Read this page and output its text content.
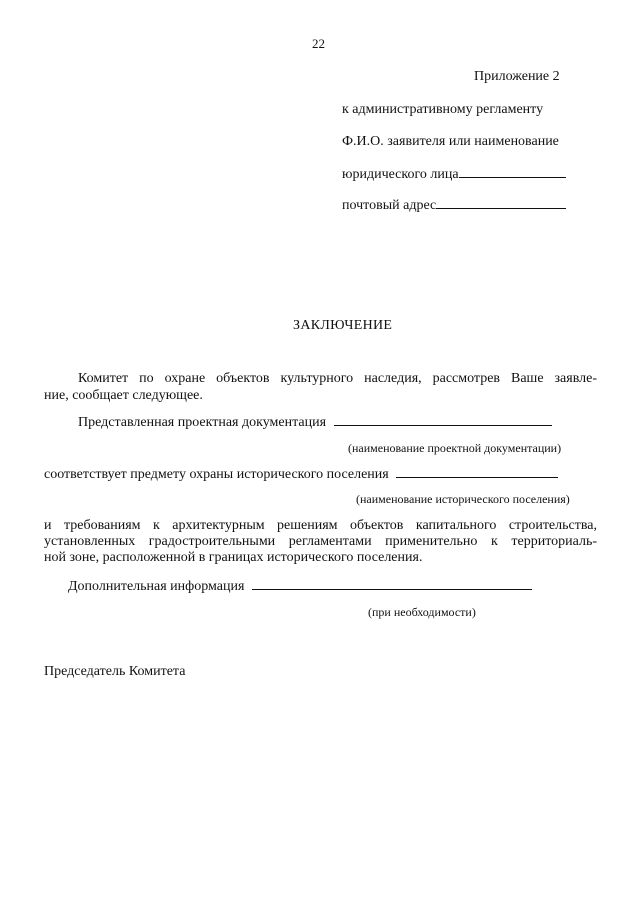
22
Приложение 2
к административному регламенту
Ф.И.О. заявителя или наименование
юридического лица
почтовый адрес
ЗАКЛЮЧЕНИЕ
Комитет по охране объектов культурного наследия, рассмотрев Ваше заявле-
ние, сообщает следующее.
Представленная проектная документация
(наименование проектной документации)
соответствует предмету охраны исторического поселения
(наименование исторического поселения)
и требованиям к архитектурным решениям объектов капитального строительства,
установленных градостроительными регламентами применительно к территориаль-
ной зоне, расположенной в границах исторического поселения.
Дополнительная информация
(при необходимости)
Председатель Комитета
